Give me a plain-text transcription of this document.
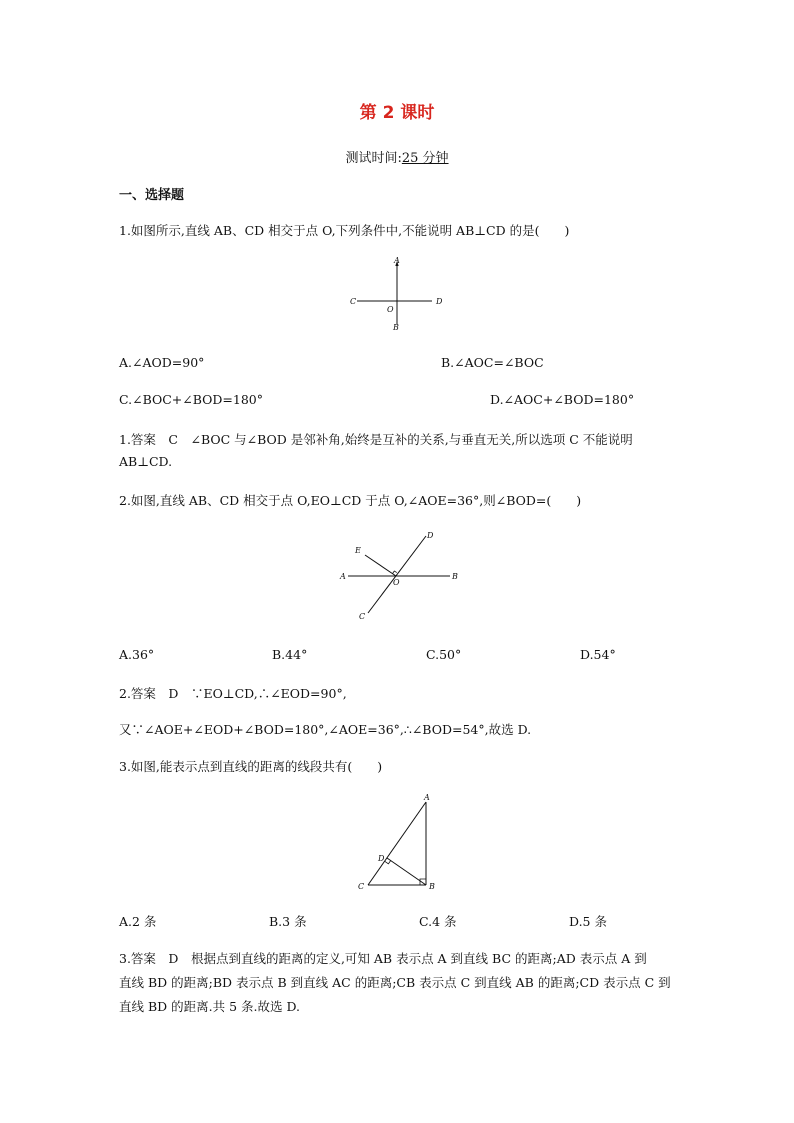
第 2 课时
测试时间:25 分钟
一、选择题
1.如图所示,直线 AB、CD 相交于点 O,下列条件中,不能说明 AB⊥CD 的是(　　)
A
B
C	D
O
A.∠AOD=90°	B.∠AOC=∠BOC
C.∠BOC+∠BOD=180°	D.∠AOC+∠BOD=180°
1.答案　C　∠BOC 与∠BOD 是邻补角,始终是互补的关系,与垂直无关,所以选项 C 不能说明
AB⊥CD.
2.如图,直线 AB、CD 相交于点 O,EO⊥CD 于点 O,∠AOE=36°,则∠BOD=(　　)
D
E
A	B
O
C
A.36°	B.44°	C.50°	D.54°
2.答案　D　∵EO⊥CD,∴∠EOD=90°,
又∵∠AOE+∠EOD+∠BOD=180°,∠AOE=36°,∴∠BOD=54°,故选 D.
3.如图,能表示点到直线的距离的线段共有(　　)
A
D
C	B
A.2 条	B.3 条	C.4 条	D.5 条
3.答案　D　根据点到直线的距离的定义,可知 AB 表示点 A 到直线 BC 的距离;AD 表示点 A 到
直线 BD 的距离;BD 表示点 B 到直线 AC 的距离;CB 表示点 C 到直线 AB 的距离;CD 表示点 C 到
直线 BD 的距离.共 5 条.故选 D.
